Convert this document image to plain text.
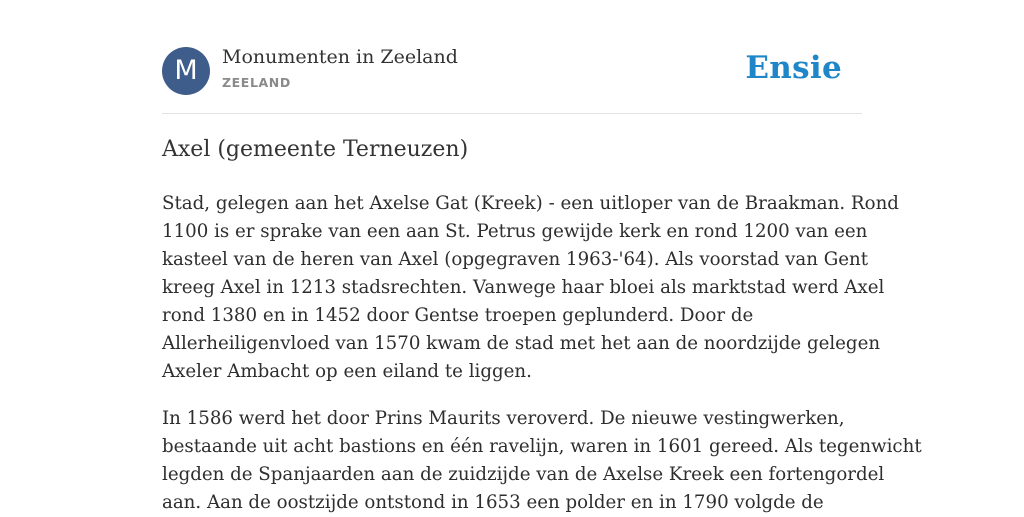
M	Monumenten in Zeeland
ZEELAND	Ensie
Axel (gemeente Terneuzen)
Stad, gelegen aan het Axelse Gat (Kreek) - een uitloper van de Braakman. Rond
1100 is er sprake van een aan St. Petrus gewijde kerk en rond 1200 van een
kasteel van de heren van Axel (opgegraven 1963-'64). Als voorstad van Gent
kreeg Axel in 1213 stadsrechten. Vanwege haar bloei als marktstad werd Axel
rond 1380 en in 1452 door Gentse troepen geplunderd. Door de
Allerheiligenvloed van 1570 kwam de stad met het aan de noordzijde gelegen
Axeler Ambacht op een eiland te liggen.
In 1586 werd het door Prins Maurits veroverd. De nieuwe vestingwerken,
bestaande uit acht bastions en één ravelijn, waren in 1601 gereed. Als tegenwicht
legden de Spanjaarden aan de zuidzijde van de Axelse Kreek een fortengordel
aan. Aan de oostzijde ontstond in 1653 een polder en in 1790 volgde de
